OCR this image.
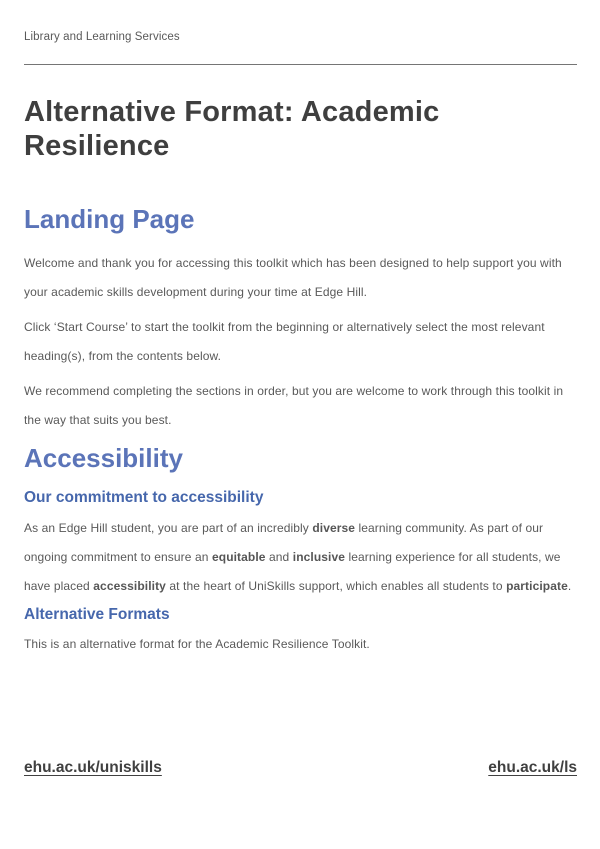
Library and Learning Services
Alternative Format: Academic Resilience
Landing Page

Welcome and thank you for accessing this toolkit which has been designed to help support you with your academic skills development during your time at Edge Hill.

Click ‘Start Course’ to start the toolkit from the beginning or alternatively select the most relevant heading(s), from the contents below.

We recommend completing the sections in order, but you are welcome to work through this toolkit in the way that suits you best.

Accessibility
Our commitment to accessibility

As an Edge Hill student, you are part of an incredibly diverse learning community. As part of our ongoing commitment to ensure an equitable and inclusive learning experience for all students, we have placed accessibility at the heart of UniSkills support, which enables all students to participate.

Alternative Formats

This is an alternative format for the Academic Resilience Toolkit.

ehu.ac.uk/uniskills	ehu.ac.uk/ls
